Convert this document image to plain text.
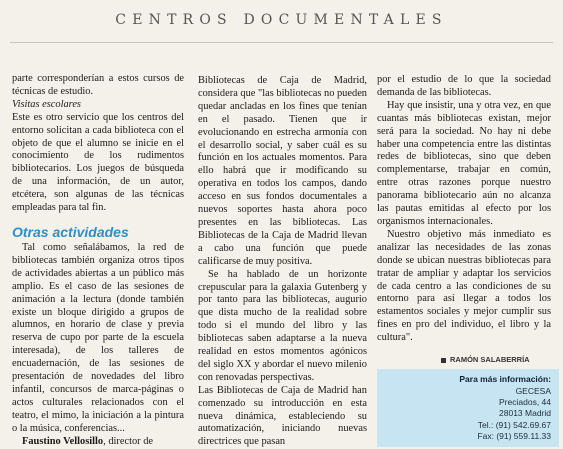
CENTROS DOCUMENTALES

parte corresponderían a estos cursos de técnicas de estudio.

Visitas escolares

Este es otro servicio que los centros del entorno solicitan a cada biblioteca con el objeto de que el alumno se inicie en el conocimiento de los rudimentos bibliotecarios. Los juegos de búsqueda de una información, de un autor, etcétera, son algunas de las técnicas empleadas para tal fin.

Otras actividades

Tal como señalábamos, la red de bibliotecas también organiza otros tipos de actividades abiertas a un público más amplio. Es el caso de las sesiones de animación a la lectura (donde también existe un bloque dirigido a grupos de alumnos, en horario de clase y previa reserva de cupo por parte de la escuela interesada), de los talleres de encuadernación, de las sesiones de presentación de novedades del libro infantil, concursos de marca-páginas o actos culturales relacionados con el teatro, el mimo, la iniciación a la pintura o la música, conferencias...

Faustino Vellosillo, director de

Bibliotecas de Caja de Madrid, considera que "las bibliotecas no pueden quedar ancladas en los fines que tenían en el pasado. Tienen que ir evolucionando en estrecha armonía con el desarrollo social, y saber cuál es su función en los actuales momentos. Para ello habrá que ir modificando su operativa en todos los campos, dando acceso en sus fondos documentales a nuevos soportes hasta ahora poco presentes en las bibliotecas. Las Bibliotecas de la Caja de Madrid llevan a cabo una función que puede calificarse de muy positiva.

Se ha hablado de un horizonte crepuscular para la galaxia Gutenberg y por tanto para las bibliotecas, augurio que dista mucho de la realidad sobre todo si el mundo del libro y las bibliotecas saben adaptarse a la nueva realidad en estos momentos agónicos del siglo XX y abordar el nuevo milenio con renovadas perspectivas.

Las Bibliotecas de Caja de Madrid han comenzado su introducción en esta nueva dinámica, estableciendo su automatización, iniciando nuevas directrices que pasan

por el estudio de lo que la sociedad demanda de las bibliotecas.

Hay que insistir, una y otra vez, en que cuantas más bibliotecas existan, mejor será para la sociedad. No hay ni debe haber una competencia entre las distintas redes de bibliotecas, sino que deben complementarse, trabajar en común, entre otras razones porque nuestro panorama bibliotecario aún no alcanza las pautas emitidas al efecto por los organismos internacionales.

Nuestro objetivo más inmediato es analizar las necesidades de las zonas donde se ubican nuestras bibliotecas para tratar de ampliar y adaptar los servicios de cada centro a las condiciones de su entorno para así llegar a todos los estamentos sociales y mejor cumplir sus fines en pro del individuo, el libro y la cultura".

RAMÓN SALABERRÍA
Para más información:
GECESA
Preciados, 44
28013 Madrid
Tel.: (91) 542.69.67
Fax: (91) 559.11.33
